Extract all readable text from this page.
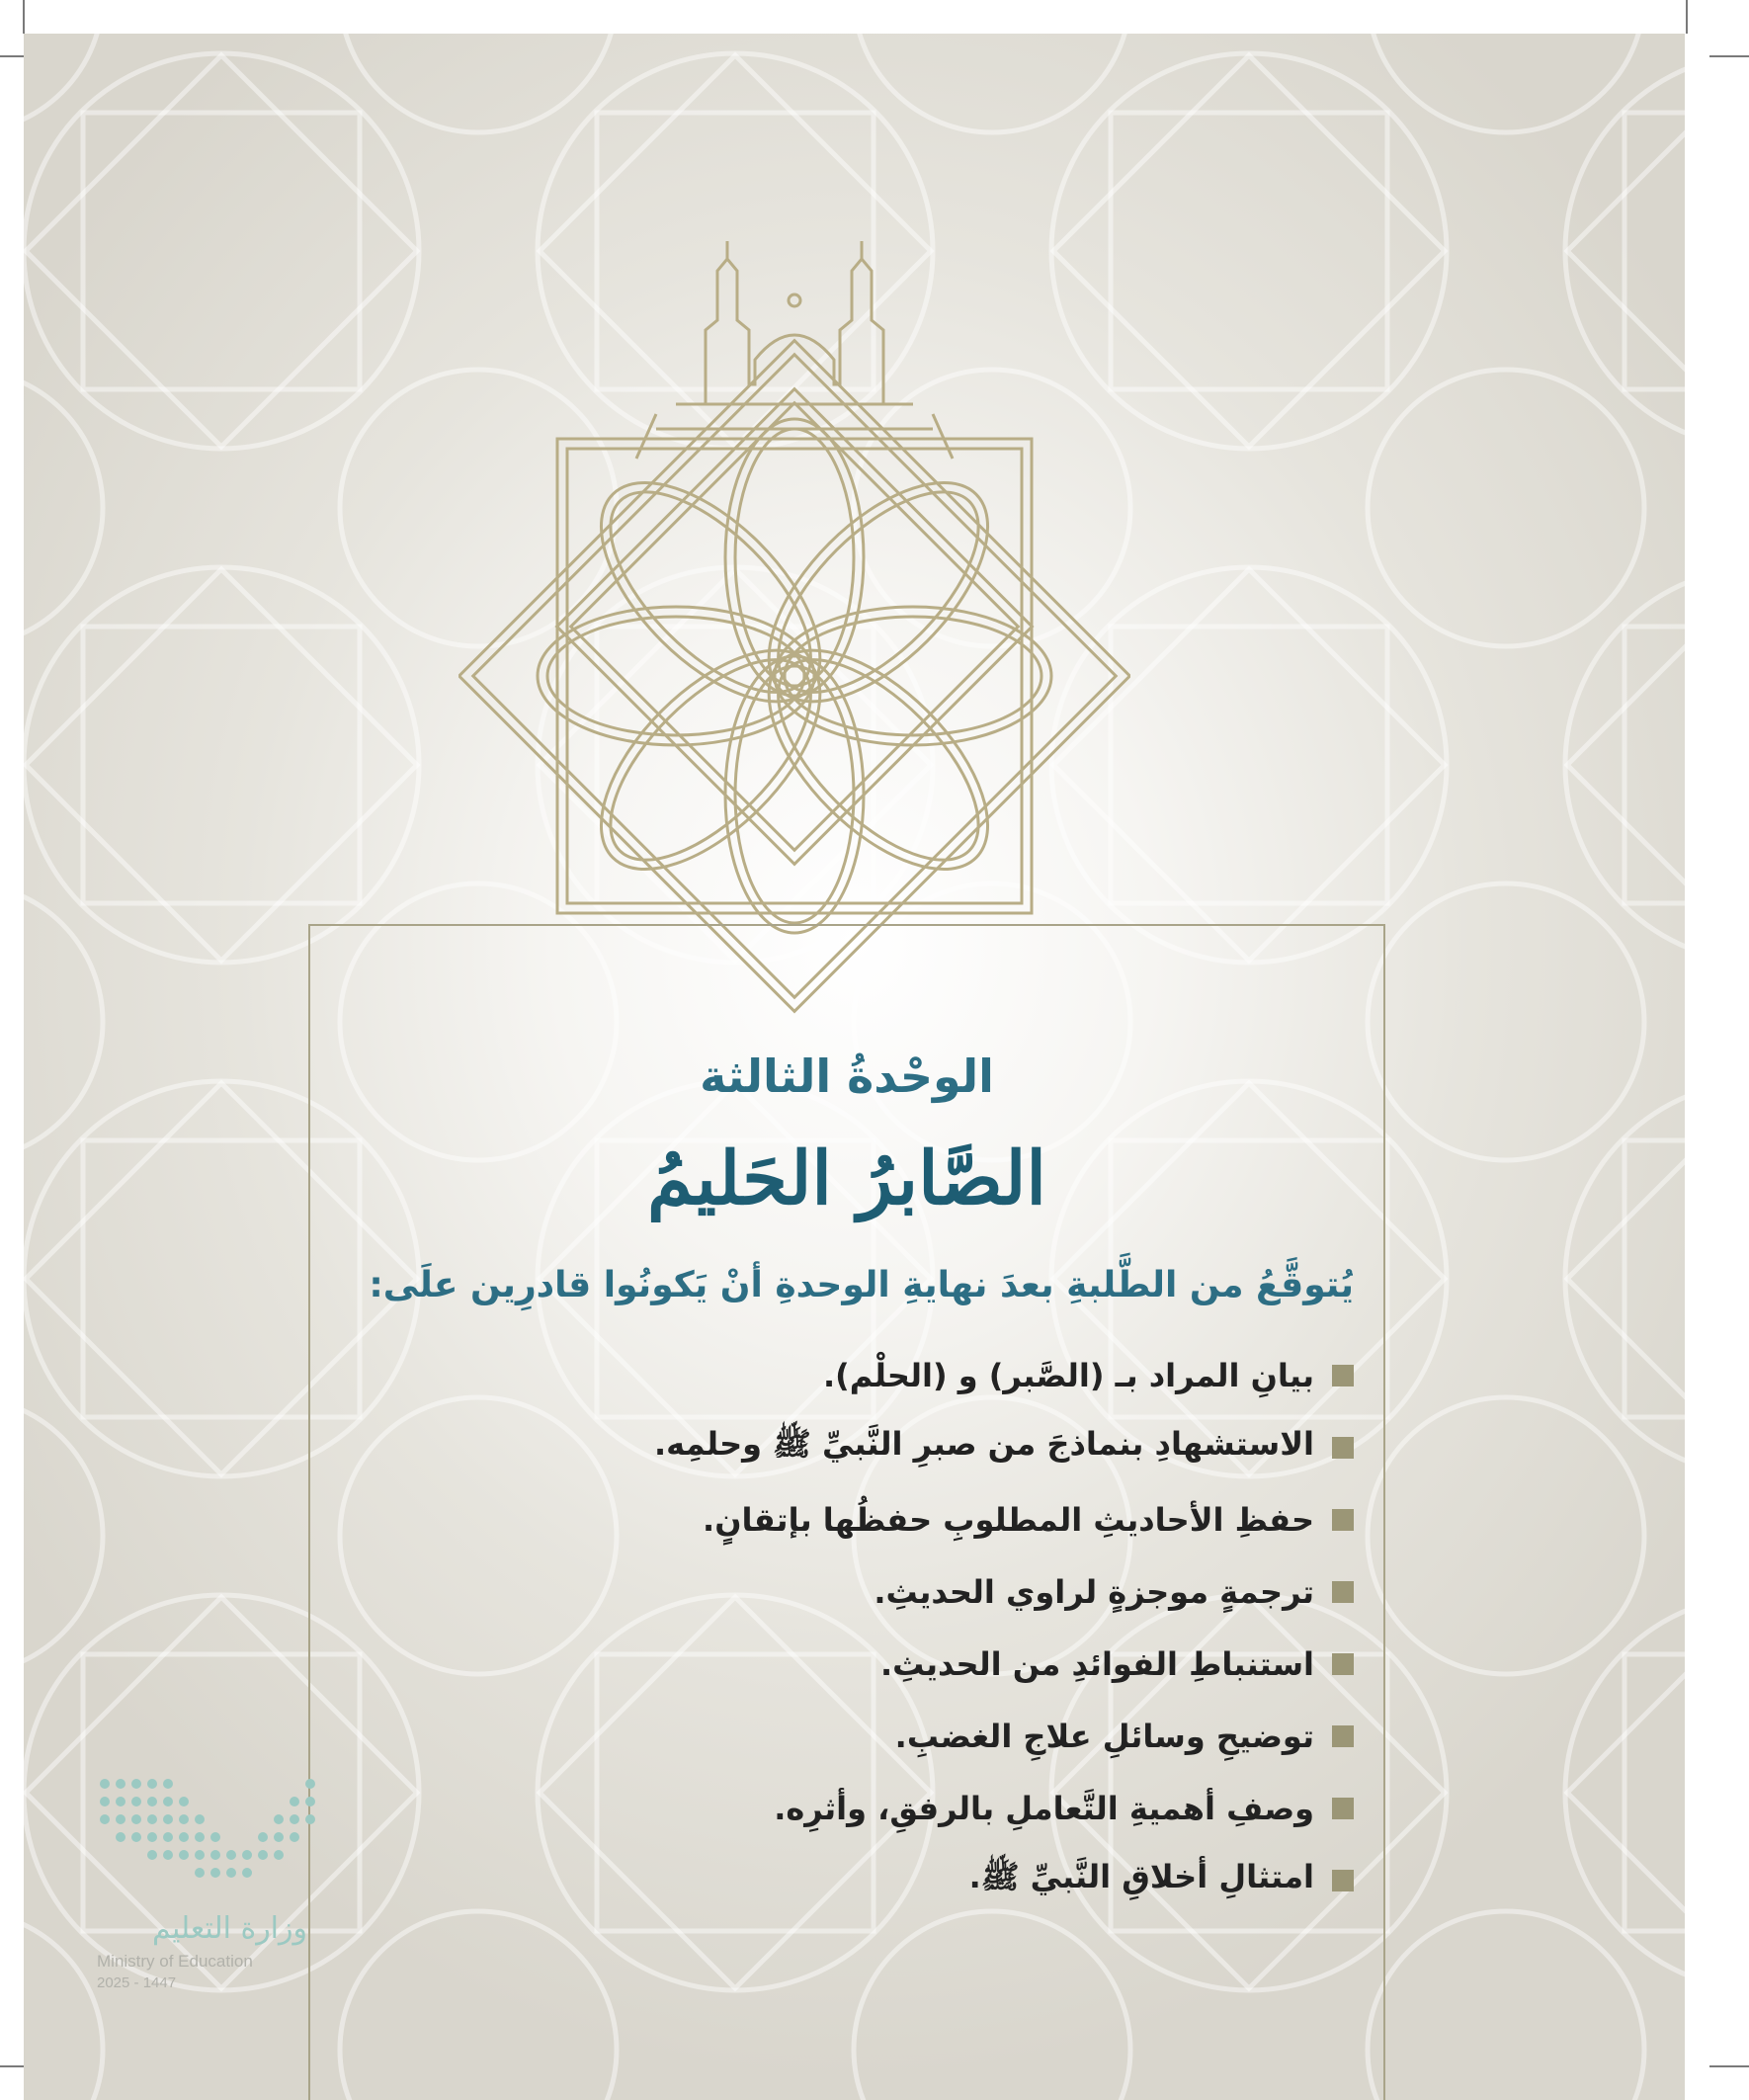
الوحْدةُ الثالثة
الصَّابرُ الحَليمُ
يُتوقَّعُ من الطَّلبةِ بعدَ نهايةِ الوحدةِ أنْ يَكونُوا قادرِين علَى:
بيانِ المراد بـ (الصَّبر) و (الحلْم).
الاستشهادِ بنماذجَ من صبرِ النَّبيِّ ﷺ وحلمِه.
حفظِ الأحاديثِ المطلوبِ حفظُها بإتقانٍ.
ترجمةٍ موجزةٍ لراوي الحديثِ.
استنباطِ الفوائدِ من الحديثِ.
توضيحِ وسائلِ علاجِ الغضبِ.
وصفِ أهميةِ التَّعاملِ بالرفقِ، وأثرِه.
امتثالِ أخلاقِ النَّبيِّ ﷺ.
وزارة التعليم
Ministry of Education
2025 - 1447
